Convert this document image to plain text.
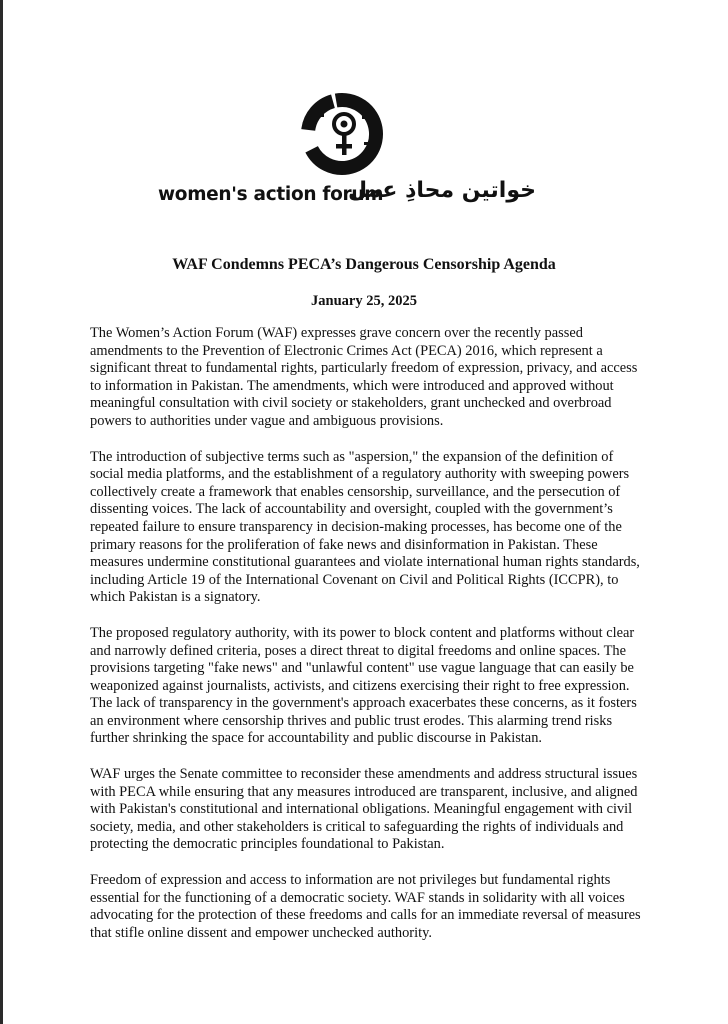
women's action forum
خواتین محاذِ عمل
WAF Condemns PECA’s Dangerous Censorship Agenda
January 25, 2025

The Women’s Action Forum (WAF) expresses grave concern over the recently passed amendments to the Prevention of Electronic Crimes Act (PECA) 2016, which represent a significant threat to fundamental rights, particularly freedom of expression, privacy, and access to information in Pakistan. The amendments, which were introduced and approved without meaningful consultation with civil society or stakeholders, grant unchecked and overbroad powers to authorities under vague and ambiguous provisions.

The introduction of subjective terms such as "aspersion," the expansion of the definition of social media platforms, and the establishment of a regulatory authority with sweeping powers collectively create a framework that enables censorship, surveillance, and the persecution of dissenting voices. The lack of accountability and oversight, coupled with the government’s repeated failure to ensure transparency in decision-making processes, has become one of the primary reasons for the proliferation of fake news and disinformation in Pakistan. These measures undermine constitutional guarantees and violate international human rights standards, including Article 19 of the International Covenant on Civil and Political Rights (ICCPR), to which Pakistan is a signatory.

The proposed regulatory authority, with its power to block content and platforms without clear and narrowly defined criteria, poses a direct threat to digital freedoms and online spaces. The provisions targeting "fake news" and "unlawful content" use vague language that can easily be weaponized against journalists, activists, and citizens exercising their right to free expression. The lack of transparency in the government's approach exacerbates these concerns, as it fosters an environment where censorship thrives and public trust erodes. This alarming trend risks further shrinking the space for accountability and public discourse in Pakistan.

WAF urges the Senate committee to reconsider these amendments and address structural issues with PECA while ensuring that any measures introduced are transparent, inclusive, and aligned with Pakistan's constitutional and international obligations. Meaningful engagement with civil society, media, and other stakeholders is critical to safeguarding the rights of individuals and protecting the democratic principles foundational to Pakistan.

Freedom of expression and access to information are not privileges but fundamental rights essential for the functioning of a democratic society. WAF stands in solidarity with all voices advocating for the protection of these freedoms and calls for an immediate reversal of measures that stifle online dissent and empower unchecked authority.
